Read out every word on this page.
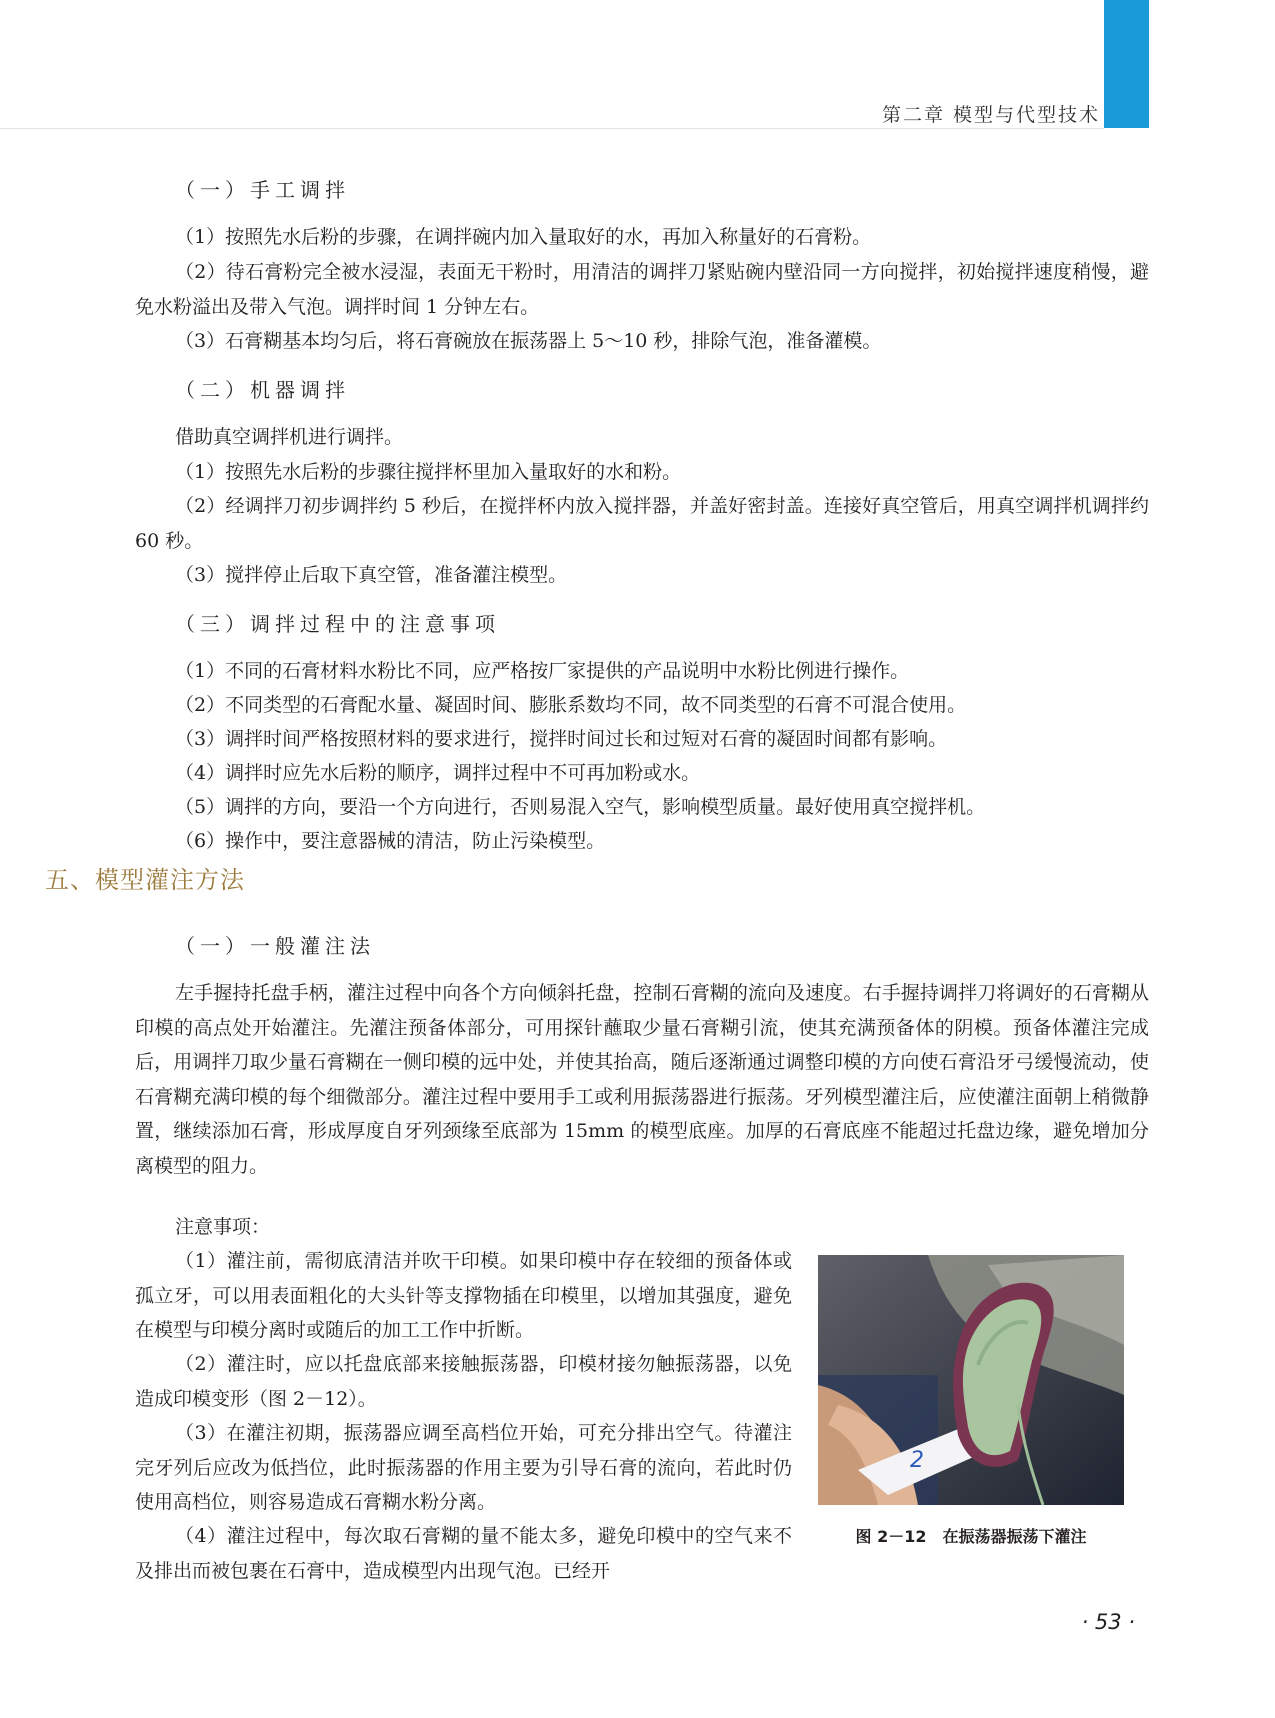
第二章 模型与代型技术
（一）手工调拌

（1）按照先水后粉的步骤，在调拌碗内加入量取好的水，再加入称量好的石膏粉。

（2）待石膏粉完全被水浸湿，表面无干粉时，用清洁的调拌刀紧贴碗内壁沿同一方向搅拌，初始搅拌速度稍慢，避免水粉溢出及带入气泡。调拌时间 1 分钟左右。

（3）石膏糊基本均匀后，将石膏碗放在振荡器上 5～10 秒，排除气泡，准备灌模。

（二）机器调拌

借助真空调拌机进行调拌。

（1）按照先水后粉的步骤往搅拌杯里加入量取好的水和粉。

（2）经调拌刀初步调拌约 5 秒后，在搅拌杯内放入搅拌器，并盖好密封盖。连接好真空管后，用真空调拌机调拌约 60 秒。

（3）搅拌停止后取下真空管，准备灌注模型。

（三）调拌过程中的注意事项

（1）不同的石膏材料水粉比不同，应严格按厂家提供的产品说明中水粉比例进行操作。

（2）不同类型的石膏配水量、凝固时间、膨胀系数均不同，故不同类型的石膏不可混合使用。

（3）调拌时间严格按照材料的要求进行，搅拌时间过长和过短对石膏的凝固时间都有影响。

（4）调拌时应先水后粉的顺序，调拌过程中不可再加粉或水。

（5）调拌的方向，要沿一个方向进行，否则易混入空气，影响模型质量。最好使用真空搅拌机。

（6）操作中，要注意器械的清洁，防止污染模型。

五、模型灌注方法
（一）一般灌注法

左手握持托盘手柄，灌注过程中向各个方向倾斜托盘，控制石膏糊的流向及速度。右手握持调拌刀将调好的石膏糊从印模的高点处开始灌注。先灌注预备体部分，可用探针蘸取少量石膏糊引流，使其充满预备体的阴模。预备体灌注完成后，用调拌刀取少量石膏糊在一侧印模的远中处，并使其抬高，随后逐渐通过调整印模的方向使石膏沿牙弓缓慢流动，使石膏糊充满印模的每个细微部分。灌注过程中要用手工或利用振荡器进行振荡。牙列模型灌注后，应使灌注面朝上稍微静置，继续添加石膏，形成厚度自牙列颈缘至底部为 15mm 的模型底座。加厚的石膏底座不能超过托盘边缘，避免增加分离模型的阻力。

注意事项：

（1）灌注前，需彻底清洁并吹干印模。如果印模中存在较细的预备体或孤立牙，可以用表面粗化的大头针等支撑物插在印模里，以增加其强度，避免在模型与印模分离时或随后的加工工作中折断。

（2）灌注时，应以托盘底部来接触振荡器，印模材接勿触振荡器，以免造成印模变形（图 2－12）。

（3）在灌注初期，振荡器应调至高档位开始，可充分排出空气。待灌注完牙列后应改为低挡位，此时振荡器的作用主要为引导石膏的流向，若此时仍使用高档位，则容易造成石膏糊水粉分离。

（4）灌注过程中，每次取石膏糊的量不能太多，避免印模中的空气来不及排出而被包裹在石膏中，造成模型内出现气泡。已经开

2
图 2－12　在振荡器振荡下灌注
· 53 ·
